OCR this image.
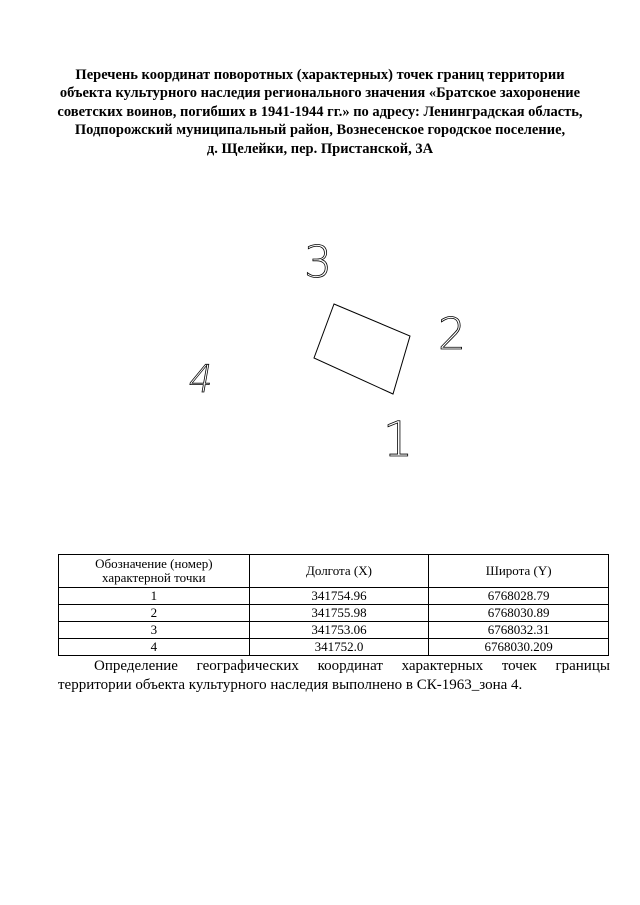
Перечень координат поворотных (характерных) точек границ территории
объекта культурного наследия регионального значения «Братское захоронение
советских воинов, погибших в 1941-1944 гг.» по адресу: Ленинградская область,
Подпорожский муниципальный район, Вознесенское городское поселение,
д. Щелейки, пер. Пристанской, 3А
1
2
3
4
Обозначение (номер) характерной точки	Долгота (X)	Широта (Y)
1	341754.96	6768028.79
2	341755.98	6768030.89
3	341753.06	6768032.31
4	341752.0	6768030.209
Определение географических координат характерных точек границы
территории объекта культурного наследия выполнено в СК-1963_зона 4.
